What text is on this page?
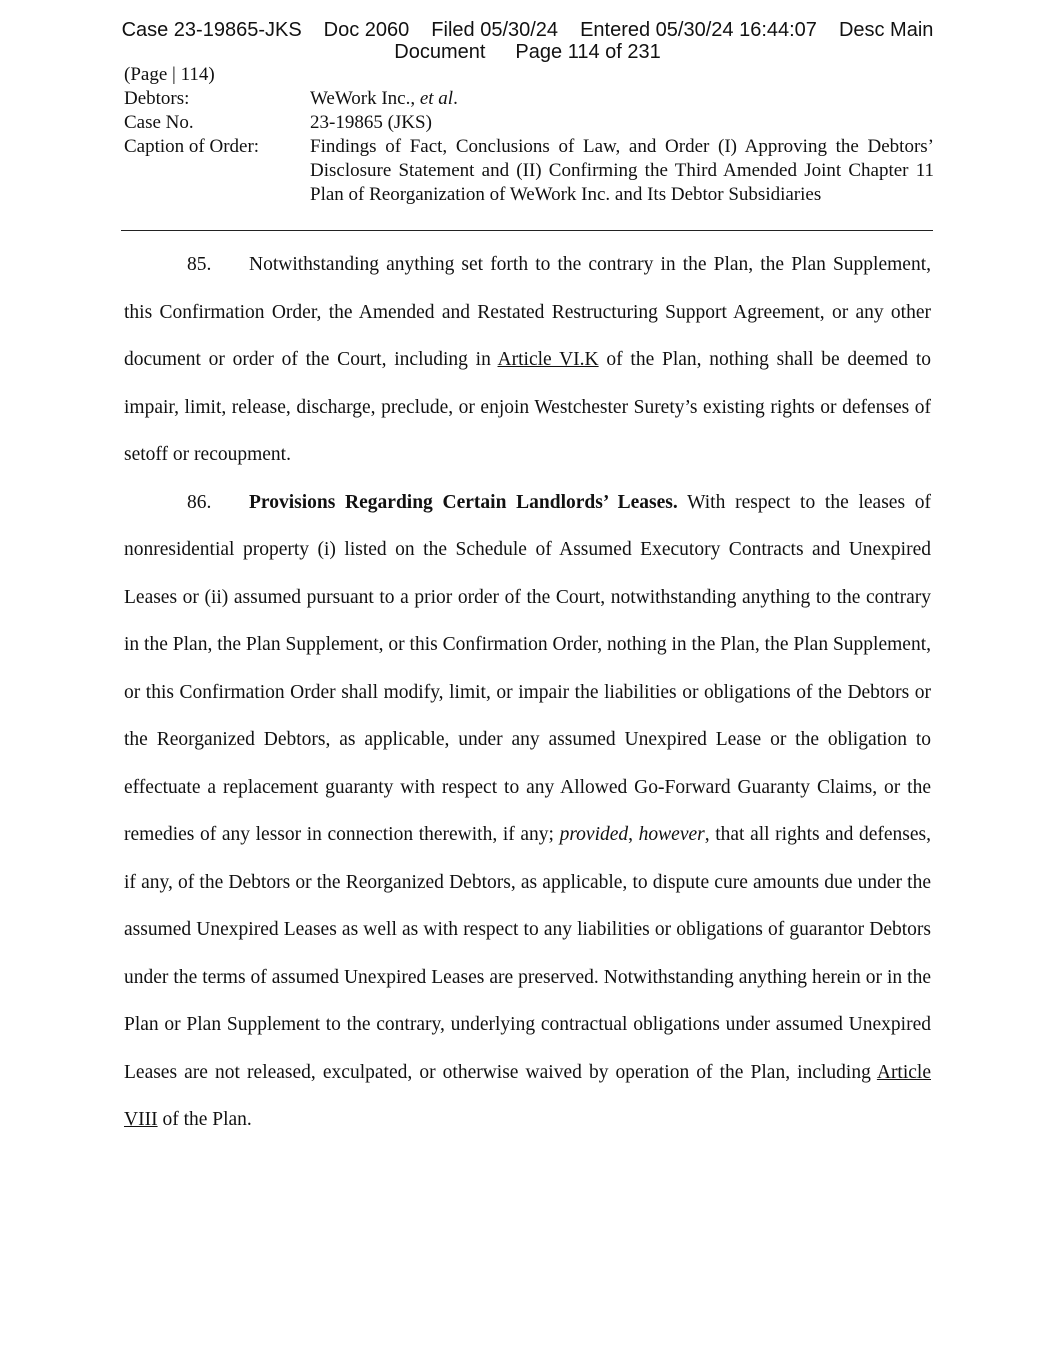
Case 23-19865-JKS Doc 2060 Filed 05/30/24 Entered 05/30/24 16:44:07 Desc Main
Document Page 114 of 231
(Page | 114)
Debtors:	WeWork Inc., et al.
Case No.	23-19865 (JKS)
Caption of Order:	Findings of Fact, Conclusions of Law, and Order (I) Approving the Debtors’ Disclosure Statement and (II) Confirming the Third Amended Joint Chapter 11 Plan of Reorganization of WeWork Inc. and Its Debtor Subsidiaries

85. Notwithstanding anything set forth to the contrary in the Plan, the Plan Supplement, this Confirmation Order, the Amended and Restated Restructuring Support Agreement, or any other document or order of the Court, including in Article VI.K of the Plan, nothing shall be deemed to impair, limit, release, discharge, preclude, or enjoin Westchester Surety’s existing rights or defenses of setoff or recoupment.

86. Provisions Regarding Certain Landlords’ Leases. With respect to the leases of nonresidential property (i) listed on the Schedule of Assumed Executory Contracts and Unexpired Leases or (ii) assumed pursuant to a prior order of the Court, notwithstanding anything to the contrary in the Plan, the Plan Supplement, or this Confirmation Order, nothing in the Plan, the Plan Supplement, or this Confirmation Order shall modify, limit, or impair the liabilities or obligations of the Debtors or the Reorganized Debtors, as applicable, under any assumed Unexpired Lease or the obligation to effectuate a replacement guaranty with respect to any Allowed Go-Forward Guaranty Claims, or the remedies of any lessor in connection therewith, if any; provided, however, that all rights and defenses, if any, of the Debtors or the Reorganized Debtors, as applicable, to dispute cure amounts due under the assumed Unexpired Leases as well as with respect to any liabilities or obligations of guarantor Debtors under the terms of assumed Unexpired Leases are preserved. Notwithstanding anything herein or in the Plan or Plan Supplement to the contrary, underlying contractual obligations under assumed Unexpired Leases are not released, exculpated, or otherwise waived by operation of the Plan, including Article VIII of the Plan.
